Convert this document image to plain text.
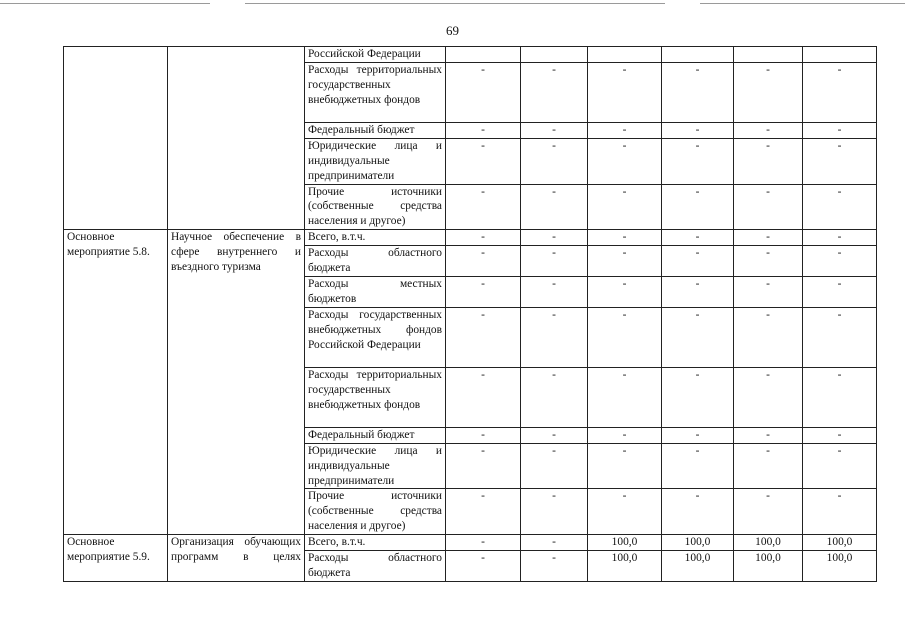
69
		Российской Федерации						
		Расходы территориальных государственных внебюджетных фондов	-	-	-	-	-	-
		Федеральный бюджет	-	-	-	-	-	-
		Юридические лица и индивидуальные предприниматели	-	-	-	-	-	-
		Прочие источники (собственные средства населения и другое)	-	-	-	-	-	-
Основное мероприятие 5.8.	Научное обеспечение в сфере внутреннего и въездного туризма	Всего, в.т.ч.	-	-	-	-	-	-
		Расходы областного бюджета	-	-	-	-	-	-
		Расходы местных бюджетов	-	-	-	-	-	-
		Расходы государственных внебюджетных фондов Российской Федерации	-	-	-	-	-	-
		Расходы территориальных государственных внебюджетных фондов	-	-	-	-	-	-
		Федеральный бюджет	-	-	-	-	-	-
		Юридические лица и индивидуальные предприниматели	-	-	-	-	-	-
		Прочие источники (собственные средства населения и другое)	-	-	-	-	-	-
Основное мероприятие 5.9.	Организация обучающих программ в целях	Всего, в.т.ч.	-	-	100,0	100,0	100,0	100,0
		Расходы областного бюджета	-	-	100,0	100,0	100,0	100,0
